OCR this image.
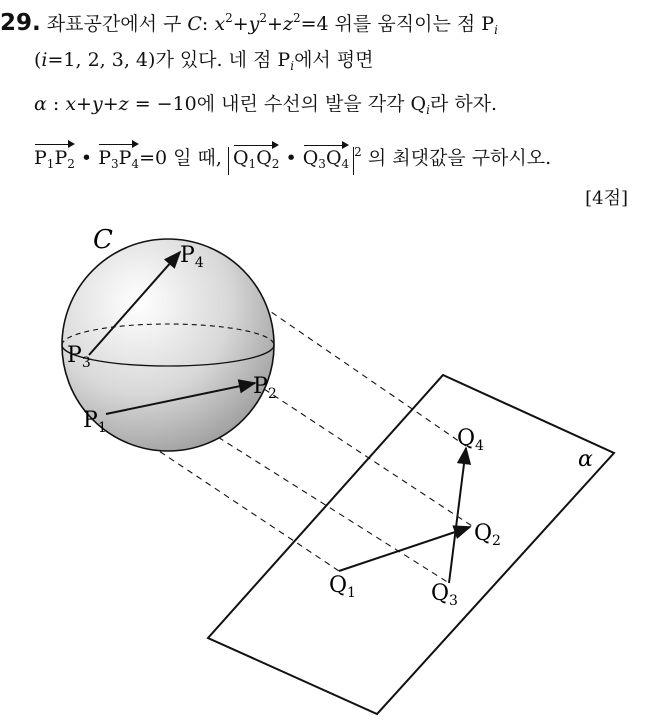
29. 좌표공간에서 구 C: $x^2+y^2+z^2=4$ 위를 움직이는 점 $P_i$
(i=1, 2, 3, 4)가 있다. 네 점 $P_i$에서 평면
α : x+y+z = −10에 내린 수선의 발을 각각 $Q_i$라 하자.
$P_1P_2$ • $P_3P_4=0$ 일 때, $Q_1Q_2$ • $Q_3Q_4^2$ 의 최댓값을 구하시오.
[4점]
C
α
$P_4$
$P_3$
$P_2$
$P_1$	$Q_4$
$Q_2$
$Q_1$	$Q_3$
